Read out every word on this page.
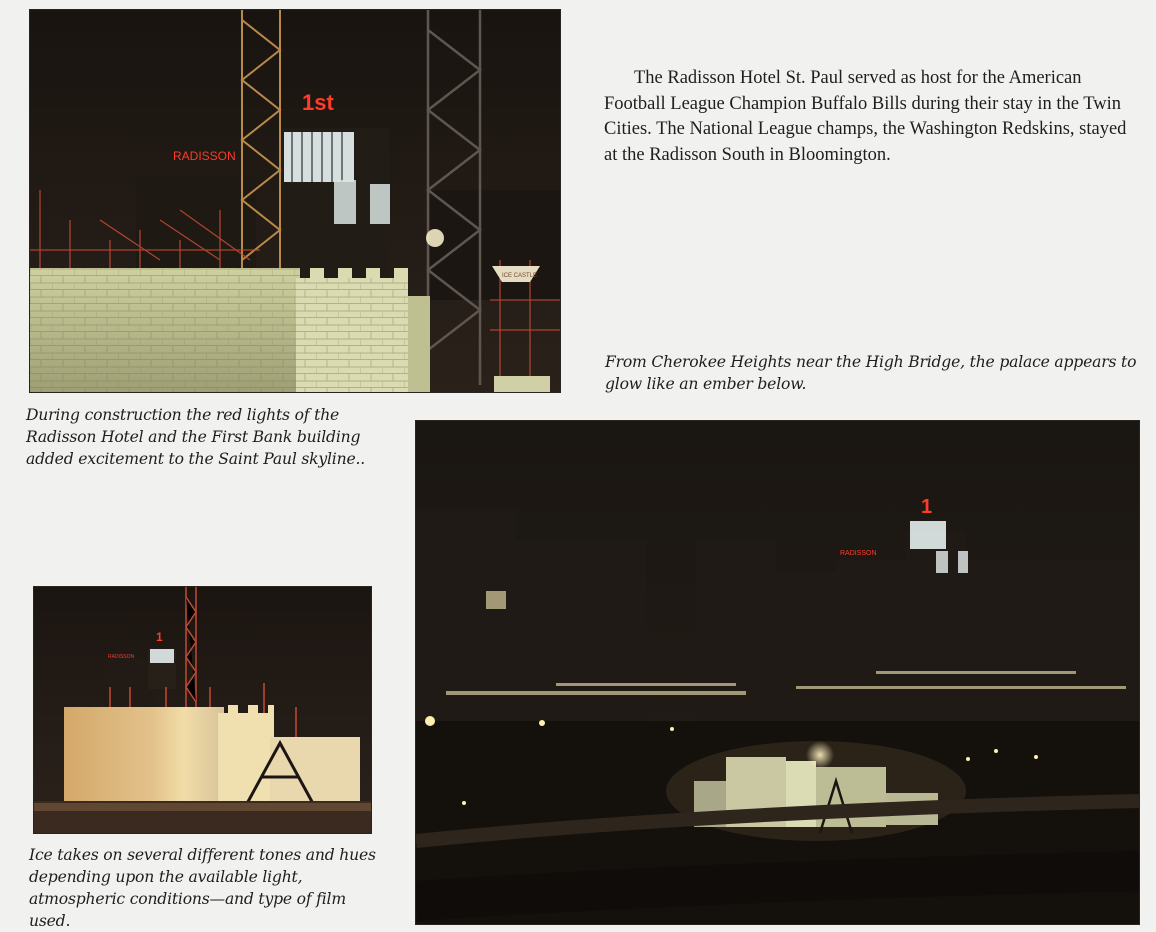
RADISSON
1st
ICE CASTLE

The Radisson Hotel St. Paul served as host for the American Football League Champion Buffalo Bills during their stay in the Twin Cities. The National League champs, the Washington Redskins, stayed at the Radisson South in Bloomington.

From Cherokee Heights near the High Bridge, the palace appears to glow like an ember below.

During construction the red lights of the Radisson Hotel and the First Bank building added excitement to the Saint Paul skyline..

RADISSON
1

Ice takes on several different tones and hues depending upon the available light, atmospheric conditions—and type of film used.

RADISSON
1
